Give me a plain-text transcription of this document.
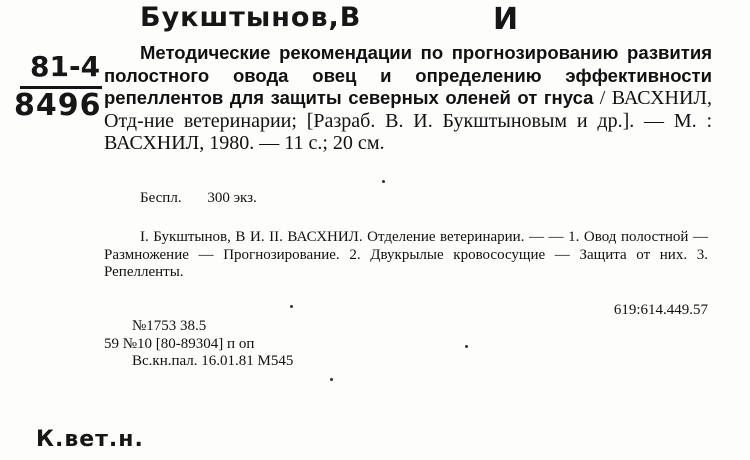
Букштынов,В	И
81-4
8496
Методические рекомендации по прогнозированию развития полостного овода овец и определению эффективности репеллентов для защиты северных оленей от гнуса / ВАСХНИЛ, Отд-ние ветеринарии; [Разраб. В. И. Букштыновым и др.]. — М. : ВАСХНИЛ, 1980. — 11 с.; 20 см.
Беспл. 300 экз.
I. Букштынов, В И. II. ВАСХНИЛ. Отделение ветеринарии. — — 1. Овод полостной — Размножение — Прогнозирование. 2. Двукрылые кровососущие — Защита от них. 3. Репелленты.
619:614.449.57
№1753 38.5
59 №10 [80-89304] п оп
Вс.кн.пал. 16.01.81 М545
К.вет.н.
